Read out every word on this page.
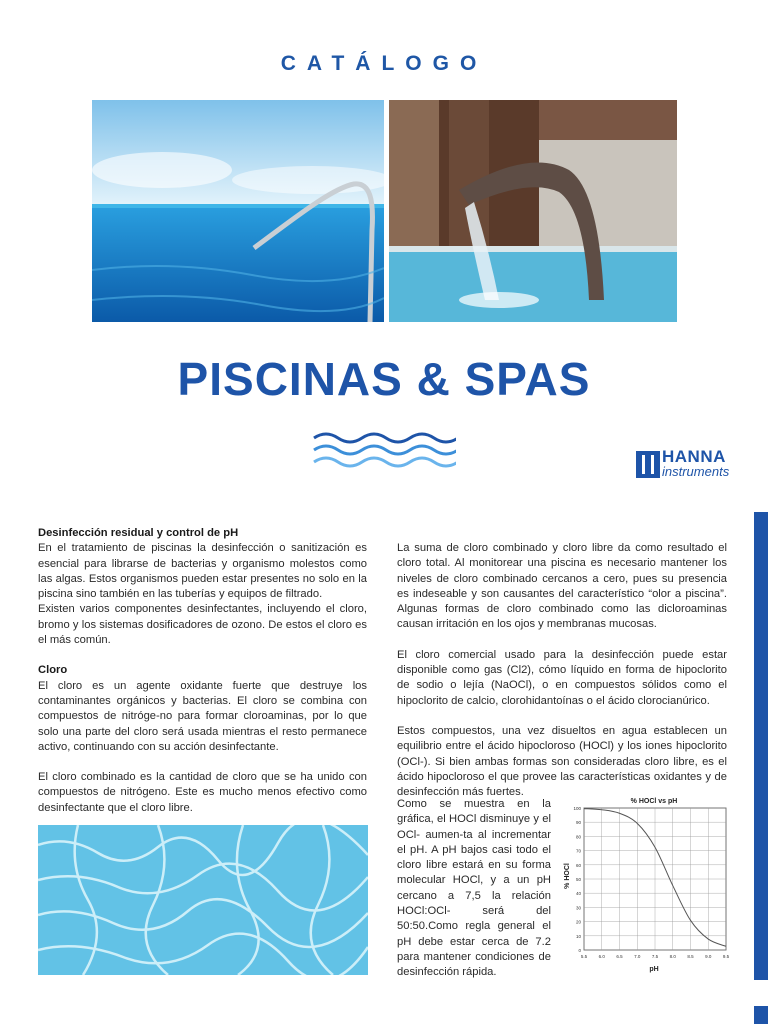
CATÁLOGO
PISCINAS & SPAS
HANNA
instruments
Desinfección residual y control de pH

En el tratamiento de piscinas la desinfección o sanitización es esencial para librarse de bacterias y organismo molestos como las algas. Estos organismos pueden estar presentes no solo en la piscina sino también en las tuberías y equipos de filtrado.

Existen varios componentes desinfectantes, incluyendo el cloro, bromo y los sistemas dosificadores de ozono. De estos el cloro es el más común.

Cloro

El cloro es un agente oxidante fuerte que destruye los contaminantes orgánicos y bacterias. El cloro se combina con compuestos de nitróge-no para formar cloroaminas, por lo que solo una parte del cloro será usada mientras el resto permanece activo, continuando con su acción desinfectante.

El cloro combinado es la cantidad de cloro que se ha unido con compuestos de nitrógeno. Este es mucho menos efectivo como desinfectante que el cloro libre.

La suma de cloro combinado y cloro libre da como resultado el cloro total. Al monitorear una piscina es necesario mantener los niveles de cloro combinado cercanos a cero, pues su presencia es indeseable y son causantes del característico “olor a piscina”. Algunas formas de cloro combinado como las dicloroaminas causan irritación en los ojos y membranas mucosas.

El cloro comercial usado para la desinfección puede estar disponible como gas (Cl2), cómo líquido en forma de hipoclorito de sodio o lejía (NaOCl), o en compuestos sólidos como el hipoclorito de calcio, clorohidantoínas o el ácido clorocianúrico.

Estos compuestos, una vez disueltos en agua establecen un equilibrio entre el ácido hipocloroso (HOCl) y los iones hipoclorito (OCl-). Si bien ambas formas son consideradas cloro libre, es el ácido hipocloroso el que provee las características oxidantes y de desinfección más fuertes.

Como se muestra en la gráfica, el HOCl disminuye y el OCl- aumen-ta al incrementar el pH. A pH bajos casi todo el cloro libre estará en su forma molecular HOCl, y a un pH cercano a 7,5 la relación HOCl:OCl- será del 50:50.Como regla general el pH debe estar cerca de 7.2 para mantener condiciones de desinfección rápida.

% HOCl vs pH
% HOCl
pH
0
10
20
30
40
50
60
70
80
90
100
5.5	6.0	6.5	7.0	7.5	8.0	8.5	9.0	9.5
